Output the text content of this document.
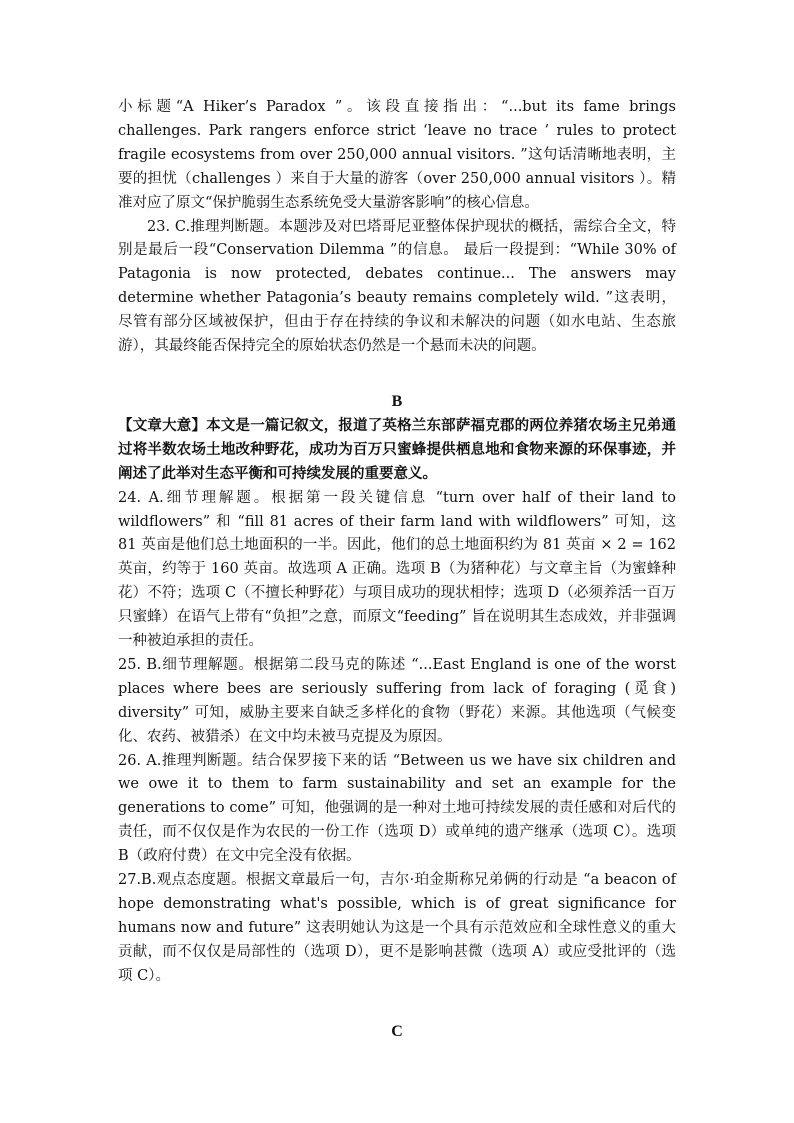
小标题“A Hiker’s Paradox ”。该段直接指出：“...but its fame brings challenges. Park rangers enforce strict ‘leave no trace ’ rules to protect fragile ecosystems from over 250,000 annual visitors. ”这句话清晰地表明，主要的担忧（challenges ）来自于大量的游客（over 250,000 annual visitors ）。精准对应了原文“保护脆弱生态系统免受大量游客影响”的核心信息。

23. C.推理判断题。本题涉及对巴塔哥尼亚整体保护现状的概括，需综合全文，特别是最后一段“Conservation Dilemma ”的信息。 最后一段提到：“While 30% of Patagonia is now protected, debates continue... The answers may determine whether Patagonia’s beauty remains completely wild. ”这表明，尽管有部分区域被保护，但由于存在持续的争议和未解决的问题（如水电站、生态旅游），其最终能否保持完全的原始状态仍然是一个悬而未决的问题。

B

【文章大意】本文是一篇记叙文，报道了英格兰东部萨福克郡的两位养猪农场主兄弟通过将半数农场土地改种野花，成功为百万只蜜蜂提供栖息地和食物来源的环保事迹，并阐述了此举对生态平衡和可持续发展的重要意义。

24. A.细节理解题。根据第一段关键信息 “turn over half of their land to wildflowers” 和 “fill 81 acres of their farm land with wildflowers” 可知，这 81 英亩是他们总土地面积的一半。因此，他们的总土地面积约为 81 英亩 × 2 = 162 英亩，约等于 160 英亩。故选项 A 正确。选项 B（为猪种花）与文章主旨（为蜜蜂种花）不符；选项 C（不擅长种野花）与项目成功的现状相悖；选项 D（必须养活一百万只蜜蜂）在语气上带有“负担”之意，而原文“feeding” 旨在说明其生态成效，并非强调一种被迫承担的责任。

25. B.细节理解题。根据第二段马克的陈述 “...East England is one of the worst places where bees are seriously suffering from lack of foraging (觅食) diversity” 可知，威胁主要来自缺乏多样化的食物（野花）来源。其他选项（气候变化、农药、被猎杀）在文中均未被马克提及为原因。

26. A.推理判断题。结合保罗接下来的话 “Between us we have six children and we owe it to them to farm sustainability and set an example for the generations to come” 可知，他强调的是一种对土地可持续发展的责任感和对后代的责任，而不仅仅是作为农民的一份工作（选项 D）或单纯的遗产继承（选项 C）。选项 B（政府付费）在文中完全没有依据。

27.B.观点态度题。根据文章最后一句，吉尔·珀金斯称兄弟俩的行动是 “a beacon of hope demonstrating what's possible, which is of great significance for humans now and future” 这表明她认为这是一个具有示范效应和全球性意义的重大贡献，而不仅仅是局部性的（选项 D），更不是影响甚微（选项 A）或应受批评的（选项 C）。

C
